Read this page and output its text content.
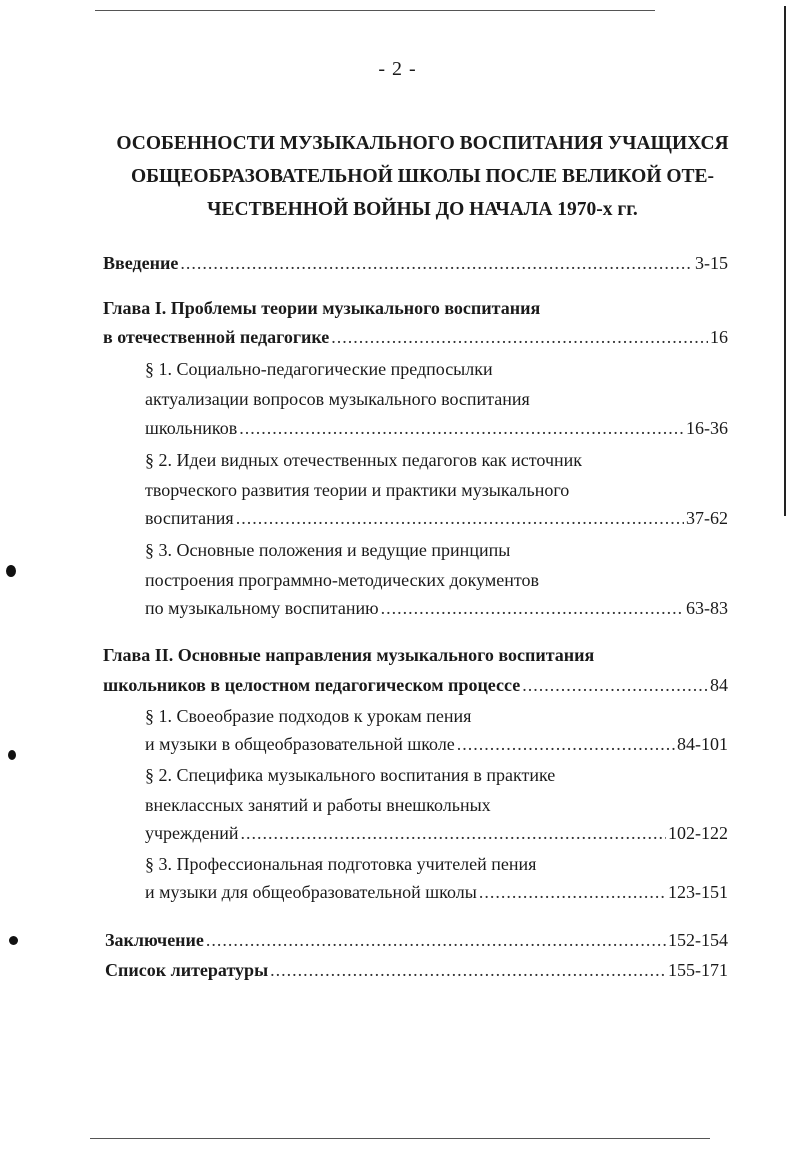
- 2 -
ОСОБЕННОСТИ МУЗЫКАЛЬНОГО ВОСПИТАНИЯ УЧАЩИХСЯ
ОБЩЕОБРАЗОВАТЕЛЬНОЙ ШКОЛЫ ПОСЛЕ ВЕЛИКОЙ ОТЕ-
ЧЕСТВЕННОЙ ВОЙНЫ ДО НАЧАЛА 1970-х гг.
Введение .....	3-15
Глава I. Проблемы теории музыкального воспитания
в отечественной педагогике .....	16
§ 1. Социально-педагогические предпосылки
актуализации вопросов музыкального воспитания
школьников .....	16-36
§ 2. Идеи видных отечественных педагогов как источник
творческого развития теории и практики музыкального
воспитания .....	37-62
§ 3. Основные положения и ведущие принципы
построения программно-методических документов
по музыкальному воспитанию .....	63-83
Глава II. Основные направления музыкального воспитания
школьников в целостном педагогическом процессе .....	84
§ 1. Своеобразие подходов к урокам пения
и музыки в общеобразовательной школе .....	84-101
§ 2. Специфика музыкального воспитания в практике
внеклассных занятий и работы внешкольных
учреждений .....	102-122
§ 3. Профессиональная подготовка учителей пения
и музыки для общеобразовательной школы .....	123-151
Заключение .....	152-154
Список литературы .....	155-171
